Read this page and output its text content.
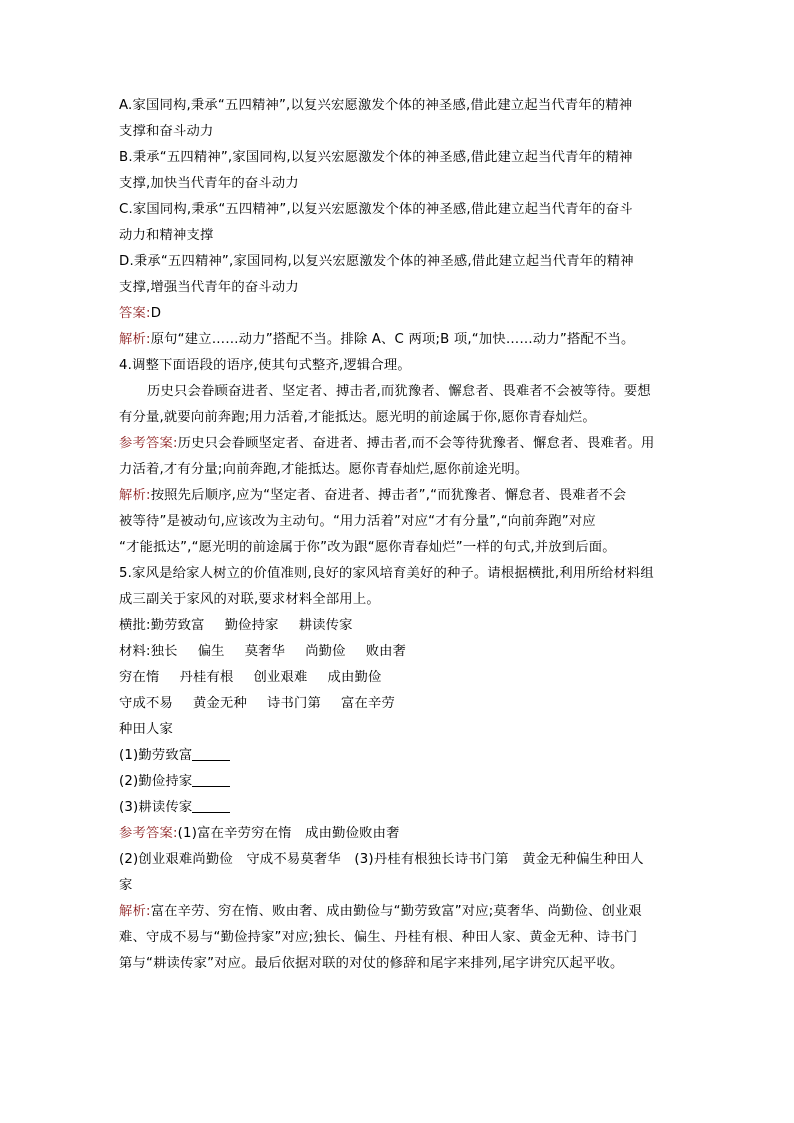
A.家国同构,秉承“五四精神”,以复兴宏愿激发个体的神圣感,借此建立起当代青年的精神
支撑和奋斗动力
B.秉承“五四精神”,家国同构,以复兴宏愿激发个体的神圣感,借此建立起当代青年的精神
支撑,加快当代青年的奋斗动力
C.家国同构,秉承“五四精神”,以复兴宏愿激发个体的神圣感,借此建立起当代青年的奋斗
动力和精神支撑
D.秉承“五四精神”,家国同构,以复兴宏愿激发个体的神圣感,借此建立起当代青年的精神
支撑,增强当代青年的奋斗动力
答案:D
解析:原句“建立……动力”搭配不当。排除 A、C 两项;B 项,“加快……动力”搭配不当。
4.调整下面语段的语序,使其句式整齐,逻辑合理。
历史只会眷顾奋进者、坚定者、搏击者,而犹豫者、懈怠者、畏难者不会被等待。要想
有分量,就要向前奔跑;用力活着,才能抵达。愿光明的前途属于你,愿你青春灿烂。
参考答案:历史只会眷顾坚定者、奋进者、搏击者,而不会等待犹豫者、懈怠者、畏难者。用
力活着,才有分量;向前奔跑,才能抵达。愿你青春灿烂,愿你前途光明。
解析:按照先后顺序,应为“坚定者、奋进者、搏击者”,“而犹豫者、懈怠者、畏难者不会
被等待”是被动句,应该改为主动句。“用力活着”对应“才有分量”,“向前奔跑”对应
“才能抵达”,“愿光明的前途属于你”改为跟“愿你青春灿烂”一样的句式,并放到后面。
5.家风是给家人树立的价值准则,良好的家风培育美好的种子。请根据横批,利用所给材料组
成三副关于家风的对联,要求材料全部用上。
横批:勤劳致富 勤俭持家 耕读传家
材料:独长 偏生 莫奢华 尚勤俭 败由奢
穷在惰 丹桂有根 创业艰难 成由勤俭
守成不易 黄金无种 诗书门第 富在辛劳
种田人家
(1)勤劳致富
(2)勤俭持家
(3)耕读传家
参考答案:(1)富在辛劳穷在惰　成由勤俭败由奢
(2)创业艰难尚勤俭　守成不易莫奢华　(3)丹桂有根独长诗书门第　黄金无种偏生种田人
家
解析:富在辛劳、穷在惰、败由奢、成由勤俭与“勤劳致富”对应;莫奢华、尚勤俭、创业艰
难、守成不易与“勤俭持家”对应;独长、偏生、丹桂有根、种田人家、黄金无种、诗书门
第与“耕读传家”对应。最后依据对联的对仗的修辞和尾字来排列,尾字讲究仄起平收。
